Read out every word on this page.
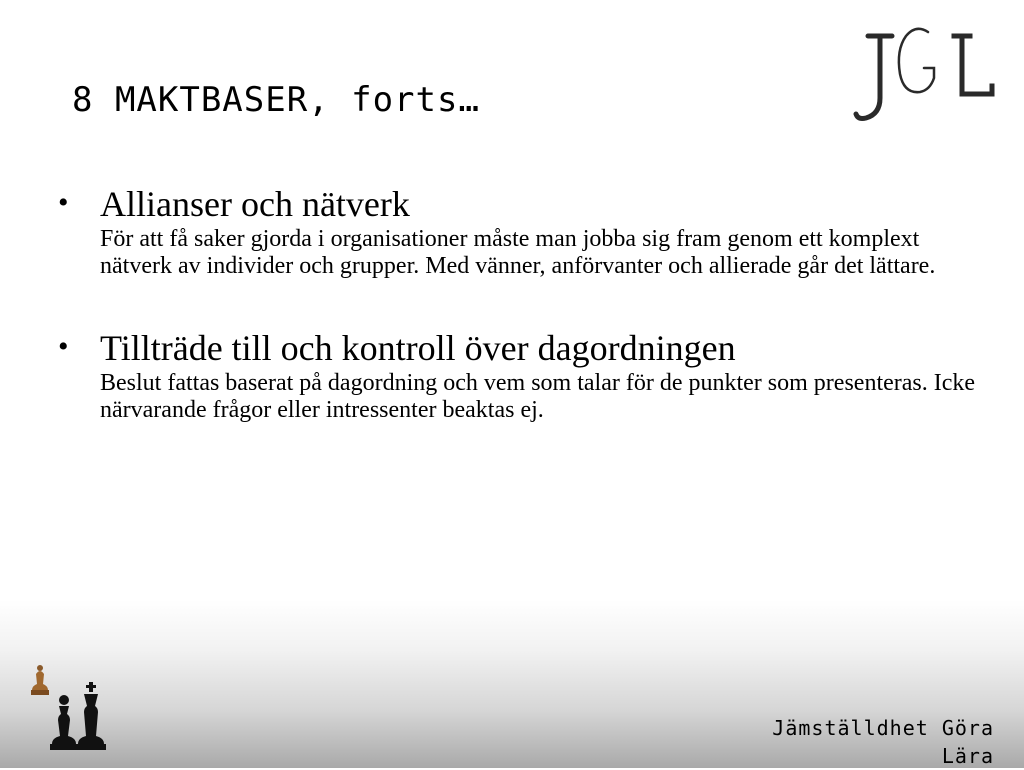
8 MAKTBASER, forts…
• Allianser och nätverk
För att få saker gjorda i organisationer måste man jobba sig fram genom ett komplext nätverk av individer och grupper. Med vänner, anförvanter och allierade går det lättare.
• Tillträde till och kontroll över dagordningen
Beslut fattas baserat på dagordning och vem som talar för de punkter som presenteras. Icke närvarande frågor eller intressenter beaktas ej.
Jämställdhet Göra
Lära
